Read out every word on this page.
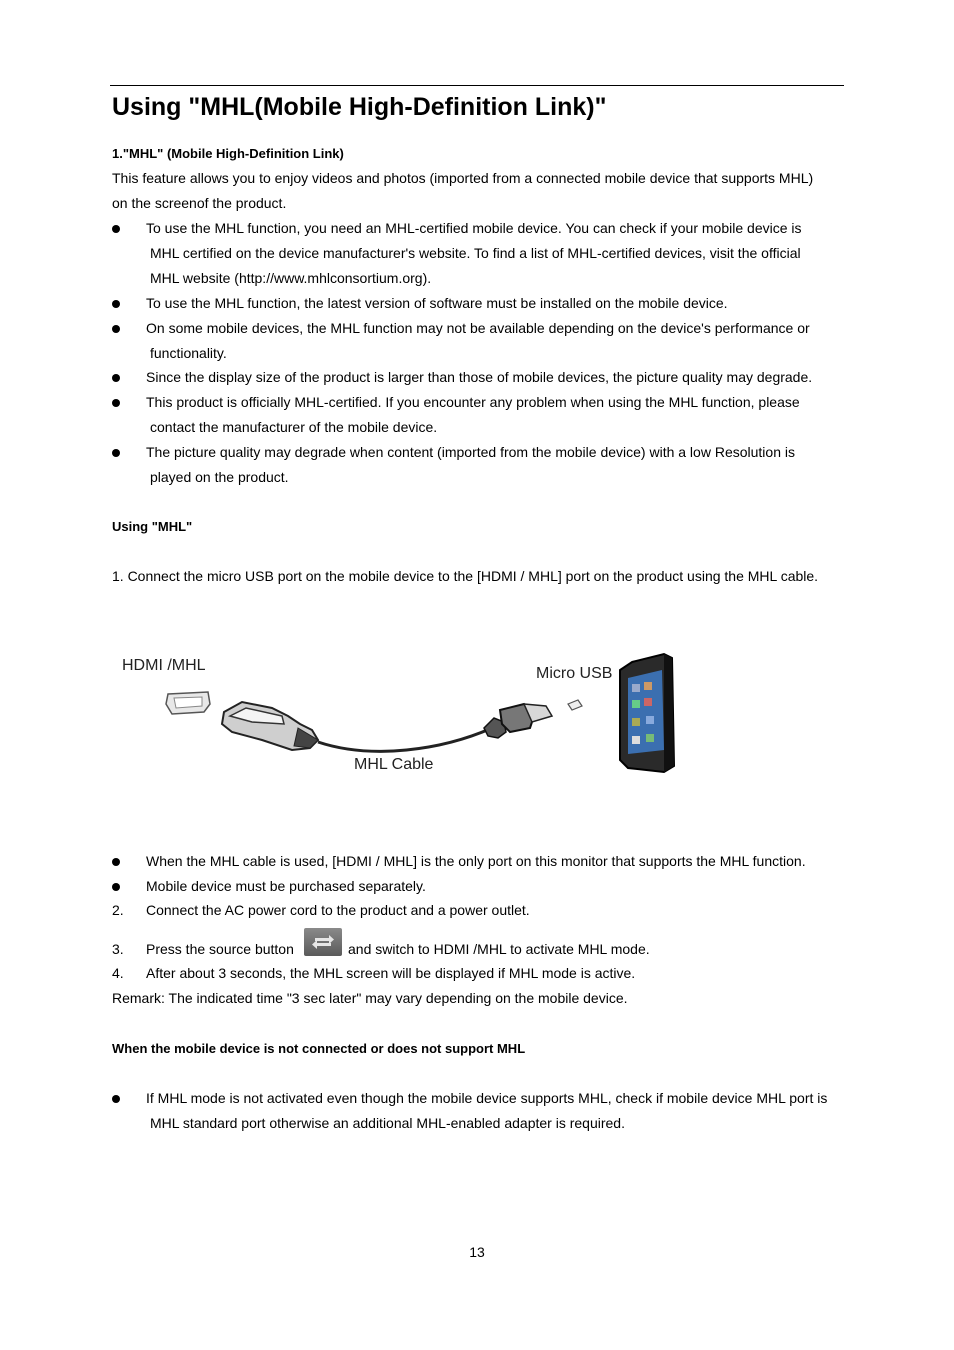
Using "MHL(Mobile High-Definition Link)"
1."MHL" (Mobile High-Definition Link)
This feature allows you to enjoy videos and photos (imported from a connected mobile device that supports MHL)
on the screenof the product.
To use the MHL function, you need an MHL-certified mobile device. You can check if your mobile device is
MHL certified on the device manufacturer's website. To find a list of MHL-certified devices, visit the official
MHL website (http://www.mhlconsortium.org).
To use the MHL function, the latest version of software must be installed on the mobile device.
On some mobile devices, the MHL function may not be available depending on the device's performance or
functionality.
Since the display size of the product is larger than those of mobile devices, the picture quality may degrade.
This product is officially MHL-certified. If you encounter any problem when using the MHL function, please
contact the manufacturer of the mobile device.
The picture quality may degrade when content (imported from the mobile device) with a low Resolution is
played on the product.
Using "MHL"
1. Connect the micro USB port on the mobile device to the [HDMI / MHL] port on the product using the MHL cable.
HDMI /MHL	Micro USB
MHL Cable
When the MHL cable is used, [HDMI / MHL] is the only port on this monitor that supports the MHL function.
Mobile device must be purchased separately.
2. Connect the AC power cord to the product and a power outlet.
3. Press the source button	and switch to HDMI /MHL to activate MHL mode.
4. After about 3 seconds, the MHL screen will be displayed if MHL mode is active.
Remark: The indicated time "3 sec later" may vary depending on the mobile device.
When the mobile device is not connected or does not support MHL
If MHL mode is not activated even though the mobile device supports MHL, check if mobile device MHL port is
MHL standard port otherwise an additional MHL-enabled adapter is required.
13
